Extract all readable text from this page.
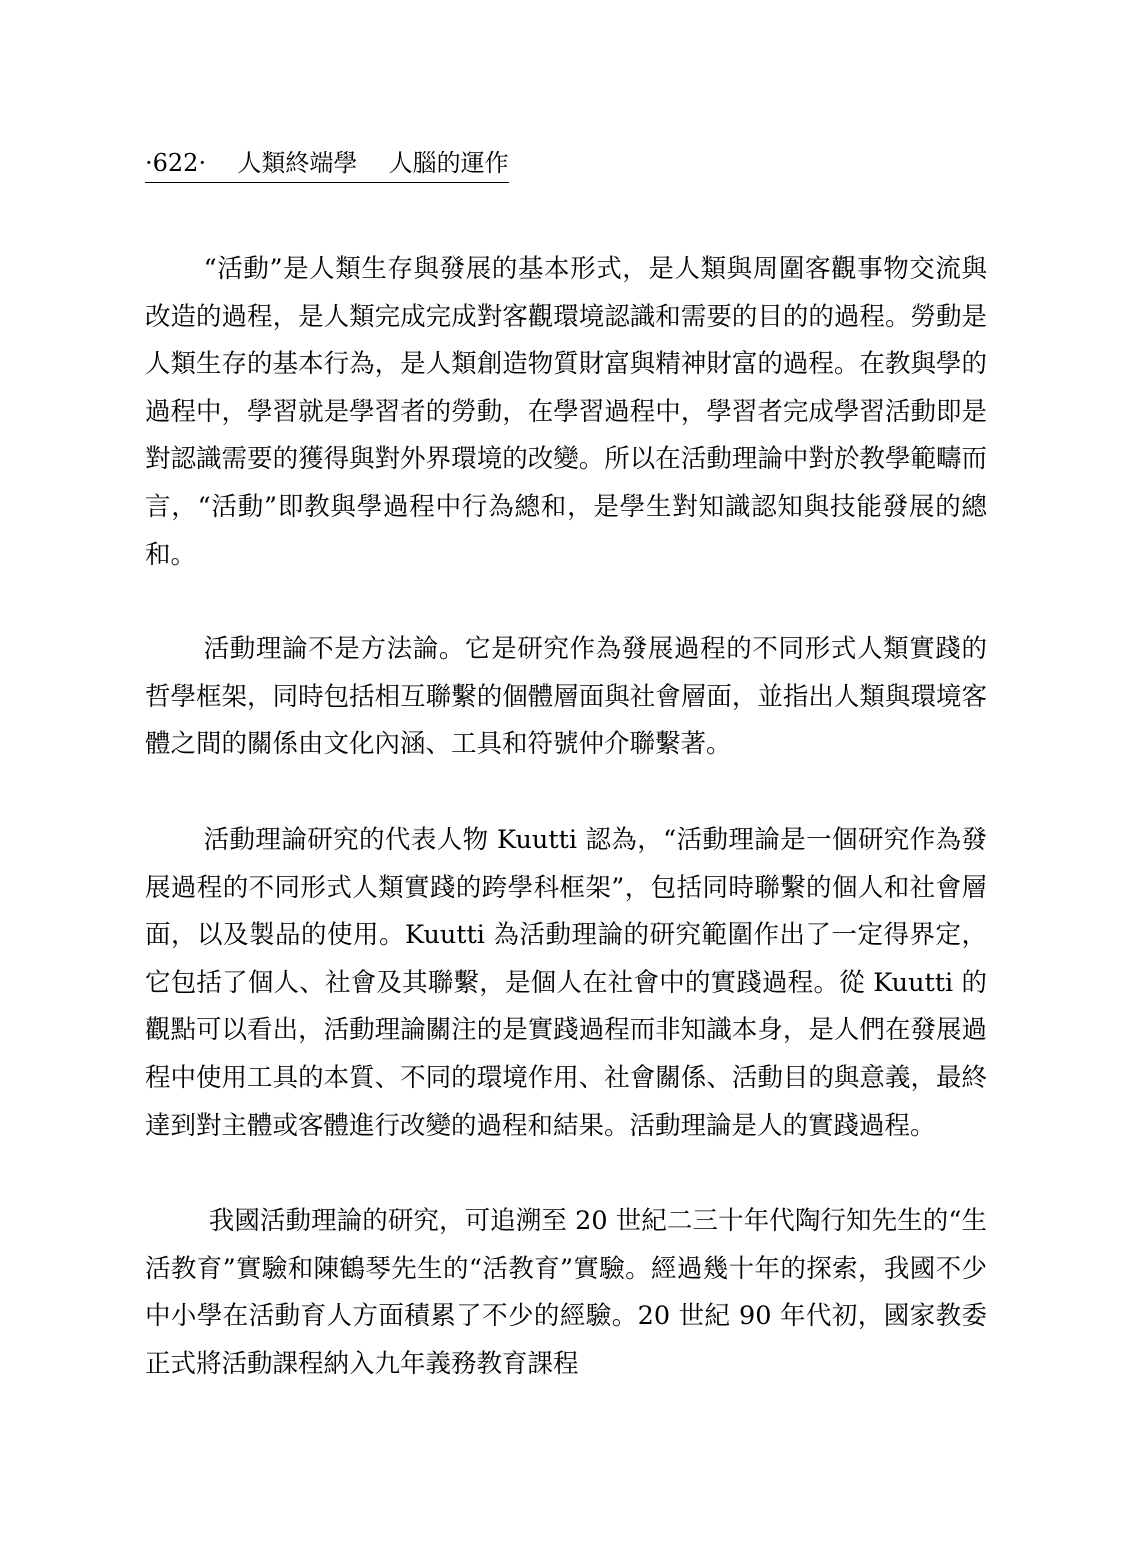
·622· 人類終端學 人腦的運作

“活動”是人類生存與發展的基本形式，是人類與周圍客觀事物交流與改造的過程，是人類完成完成對客觀環境認識和需要的目的的過程。勞動是人類生存的基本行為，是人類創造物質財富與精神財富的過程。在教與學的過程中，學習就是學習者的勞動，在學習過程中，學習者完成學習活動即是對認識需要的獲得與對外界環境的改變。所以在活動理論中對於教學範疇而言，“活動”即教與學過程中行為總和，是學生對知識認知與技能發展的總和。

活動理論不是方法論。它是研究作為發展過程的不同形式人類實踐的哲學框架，同時包括相互聯繫的個體層面與社會層面，並指出人類與環境客體之間的關係由文化內涵、工具和符號仲介聯繫著。

活動理論研究的代表人物 Kuutti 認為，“活動理論是一個研究作為發展過程的不同形式人類實踐的跨學科框架”，包括同時聯繫的個人和社會層面，以及製品的使用。Kuutti 為活動理論的研究範圍作出了一定得界定，它包括了個人、社會及其聯繫，是個人在社會中的實踐過程。從 Kuutti 的觀點可以看出，活動理論關注的是實踐過程而非知識本身，是人們在發展過程中使用工具的本質、不同的環境作用、社會關係、活動目的與意義，最終達到對主體或客體進行改變的過程和結果。活動理論是人的實踐過程。

我國活動理論的研究，可追溯至 20 世紀二三十年代陶行知先生的“生活教育”實驗和陳鶴琴先生的“活教育”實驗。經過幾十年的探索，我國不少中小學在活動育人方面積累了不少的經驗。20 世紀 90 年代初，國家教委正式將活動課程納入九年義務教育課程
